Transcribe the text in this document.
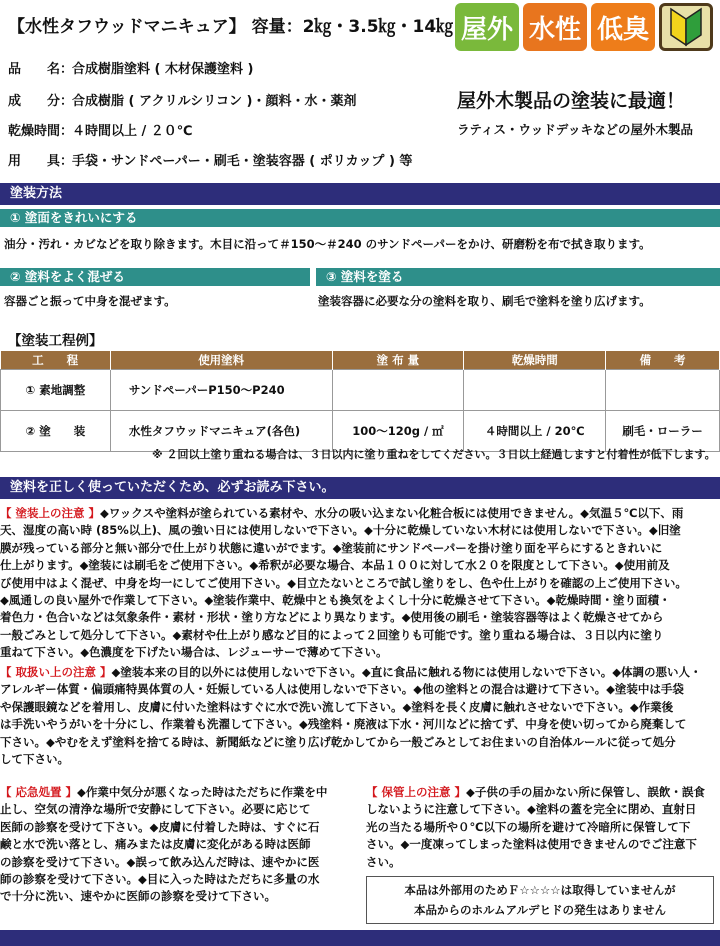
【水性タフウッドマニキュア】 容量：2㎏・3.5㎏・14㎏ 屋外 水性 低臭
品　　名：合成樹脂塗料 ( 木材保護塗料 )
成　　分：合成樹脂 ( アクリルシリコン )・顔料・水・薬剤
乾燥時間：４時間以上 / ２０℃
用　　具：手袋・サンドペーパー・刷毛・塗装容器 ( ポリカップ ) 等
屋外木製品の塗装に最適！
ラティス・ウッドデッキなどの屋外木製品
塗装方法
① 塗面をきれいにする
油分・汚れ・カビなどを取り除きます。木目に沿って＃150～＃240 のサンドペーパーをかけ、研磨粉を布で拭き取ります。
② 塗料をよく混ぜる	③ 塗料を塗る
容器ごと振って中身を混ぜます。	塗装容器に必要な分の塗料を取り、刷毛で塗料を塗り広げます。
【塗装工程例】
工　　程	使用塗料	塗 布 量	乾燥時間	備　　考
① 素地調整	サンドペーパーP150～P240			
② 塗　　装	水性タフウッドマニキュア(各色)	100～120g / ㎡	４時間以上 / 20℃	刷毛・ローラー
※ ２回以上塗り重ねる場合は、３日以内に塗り重ねをしてください。３日以上経過しますと付着性が低下します。
塗料を正しく使っていただくため、必ずお読み下さい。
【 塗装上の注意 】◆ワックスや塗料が塗られている素材や、水分の吸い込まない化粧合板には使用できません。◆気温５℃以下、雨
天、湿度の高い時 (85%以上)、風の強い日には使用しないで下さい。◆十分に乾燥していない木材には使用しないで下さい。◆旧塗
膜が残っている部分と無い部分で仕上がり状態に違いがでます。◆塗装前にサンドペーパーを掛け塗り面を平らにするときれいに
仕上がります。◆塗装には刷毛をご使用下さい。◆希釈が必要な場合、本品１００に対して水２０を限度として下さい。◆使用前及
び使用中はよく混ぜ、中身を均一にしてご使用下さい。◆目立たないところで試し塗りをし、色や仕上がりを確認の上ご使用下さい。
◆風通しの良い屋外で作業して下さい。◆塗装作業中、乾燥中とも換気をよくし十分に乾燥させて下さい。◆乾燥時間・塗り面積・
着色力・色合いなどは気象条件・素材・形状・塗り方などにより異なります。◆使用後の刷毛・塗装容器等はよく乾燥させてから
一般ごみとして処分して下さい。◆素材や仕上がり感など目的によって２回塗りも可能です。塗り重ねる場合は、３日以内に塗り
重ねて下さい。◆色濃度を下げたい場合は、レジューサーで薄めて下さい。
【 取扱い上の注意 】◆塗装本来の目的以外には使用しないで下さい。◆直に食品に触れる物には使用しないで下さい。◆体調の悪い人・
アレルギー体質・偏頭痛特異体質の人・妊娠している人は使用しないで下さい。◆他の塗料との混合は避けて下さい。◆塗装中は手袋
や保護眼鏡などを着用し、皮膚に付いた塗料はすぐに水で洗い流して下さい。◆塗料を長く皮膚に触れさせないで下さい。◆作業後
は手洗いやうがいを十分にし、作業着も洗濯して下さい。◆残塗料・廃液は下水・河川などに捨てず、中身を使い切ってから廃棄して
下さい。◆やむをえず塗料を捨てる時は、新聞紙などに塗り広げ乾かしてから一般ごみとしてお住まいの自治体ルールに従って処分
して下さい。
【 応急処置 】◆作業中気分が悪くなった時はただちに作業を中
止し、空気の清浄な場所で安静にして下さい。必要に応じて
医師の診察を受けて下さい。◆皮膚に付着した時は、すぐに石
鹸と水で洗い落とし、痛みまたは皮膚に変化がある時は医師
の診察を受けて下さい。◆誤って飲み込んだ時は、速やかに医
師の診察を受けて下さい。◆目に入った時はただちに多量の水
で十分に洗い、速やかに医師の診察を受けて下さい。
【 保管上の注意 】◆子供の手の届かない所に保管し、誤飲・誤食
しないように注意して下さい。◆塗料の蓋を完全に閉め、直射日
光の当たる場所や０℃以下の場所を避けて冷暗所に保管して下
さい。◆一度凍ってしまった塗料は使用できませんのでご注意下
さい。
本品は外部用のためＦ☆☆☆☆は取得していませんが
本品からのホルムアルデヒドの発生はありません
